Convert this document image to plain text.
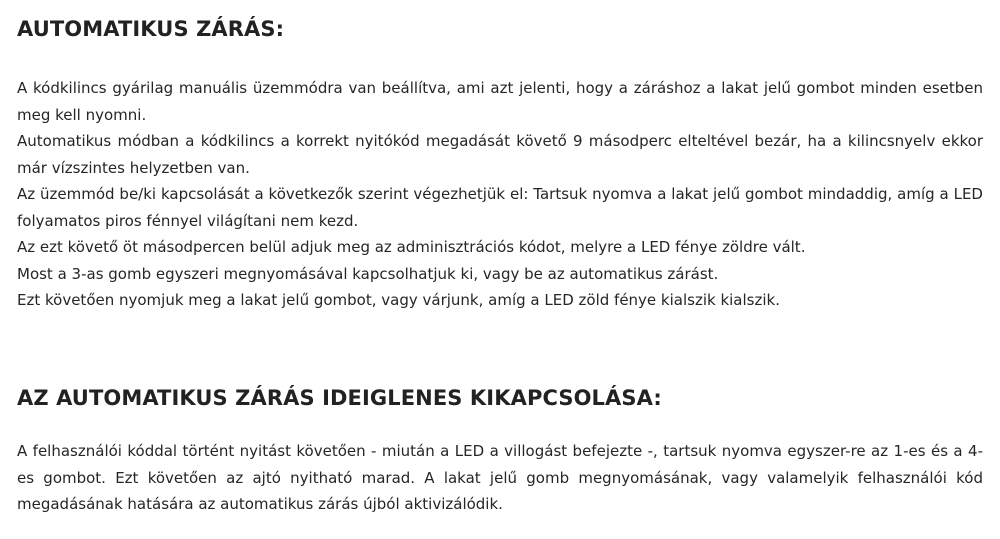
AUTOMATIKUS ZÁRÁS:

A kódkilincs gyárilag manuális üzemmódra van beállítva, ami azt jelenti, hogy a záráshoz a lakat jelű gombot minden esetben meg kell nyomni.
Automatikus módban a kódkilincs a korrekt nyitókód megadását követő 9 másodperc elteltével bezár, ha a kilincsnyelv ekkor már vízszintes helyzetben van.
Az üzemmód be/ki kapcsolását a következők szerint végezhetjük el: Tartsuk nyomva a lakat jelű gombot mindaddig, amíg a LED folyamatos piros fénnyel világítani nem kezd.
Az ezt követő öt másodpercen belül adjuk meg az adminisztrációs kódot, melyre a LED fénye zöldre vált.
Most a 3-as gomb egyszeri megnyomásával kapcsolhatjuk ki, vagy be az automatikus zárást.
Ezt követően nyomjuk meg a lakat jelű gombot, vagy várjunk, amíg a LED zöld fénye kialszik kialszik.

AZ AUTOMATIKUS ZÁRÁS IDEIGLENES KIKAPCSOLÁSA:

A felhasználói kóddal történt nyitást követően - miután a LED a villogást befejezte -, tartsuk nyomva egyszer-re az 1-es és a 4-es gombot. Ezt követően az ajtó nyitható marad. A lakat jelű gomb megnyomásának, vagy valamelyik felhasználói kód megadásának hatására az automatikus zárás újból aktivizálódik.
